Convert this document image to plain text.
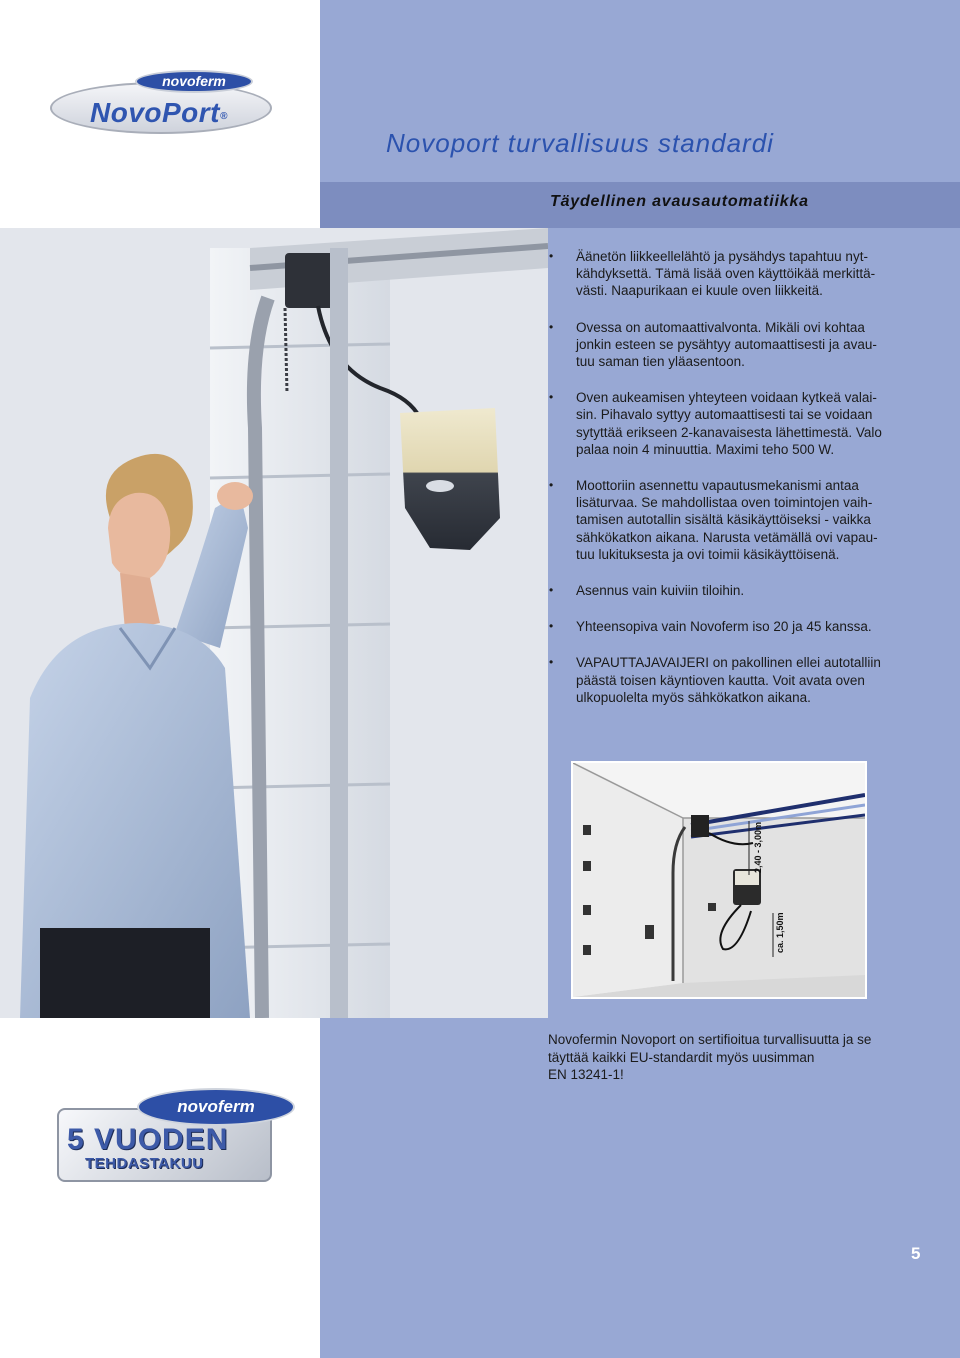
novoferm
NovoPort®
Novoport turvallisuus standardi
Täydellinen avausautomatiikka
• Äänetön liikkeellelähtö ja pysähdys tapahtuu nyt-
kähdyksettä. Tämä lisää oven käyttöikää merkittä-
västi. Naapurikaan ei kuule oven liikkeitä.
• Ovessa on automaattivalvonta. Mikäli ovi kohtaa
jonkin esteen se pysähtyy automaattisesti ja avau-
tuu saman tien yläasentoon.
• Oven aukeamisen yhteyteen voidaan kytkeä valai-
sin. Pihavalo syttyy automaattisesti tai se voidaan
sytyttää erikseen 2-kanavaisesta lähettimestä. Valo
palaa noin 4 minuuttia. Maximi teho 500 W.
• Moottoriin asennettu vapautusmekanismi antaa
lisäturvaa. Se mahdollistaa oven toimintojen vaih-
tamisen autotallin sisältä käsikäyttöiseksi - vaikka
sähkökatkon aikana. Narusta vetämällä ovi vapau-
tuu lukituksesta ja ovi toimii käsikäyttöisenä.
• Asennus vain kuiviin tiloihin.
• Yhteensopiva vain Novoferm iso 20 ja 45 kanssa.
• VAPAUTTAJAVAIJERI on pakollinen ellei autotalliin
päästä toisen käyntioven kautta. Voit avata oven
ulkopuolelta myös sähkökatkon aikana.
2,40 - 3,00m
ca. 1,50m

Novofermin Novoport on sertifioitua turvallisuutta ja se
täyttää kaikki EU-standardit myös uusimman
EN 13241-1!

novoferm
5 VUODEN
TEHDASTAKUU
5
